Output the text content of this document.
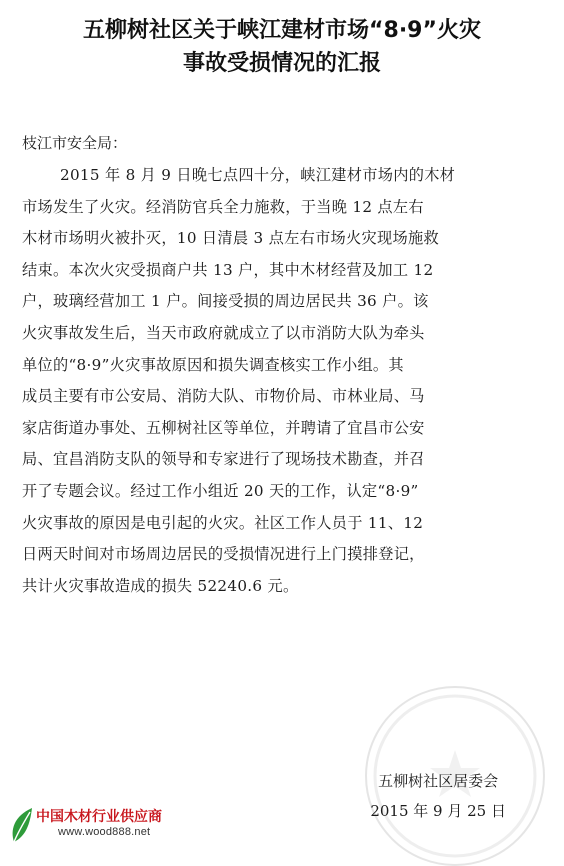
五柳树社区关于峡江建材市场“8·9”火灾
事故受损情况的汇报
枝江市安全局：
2015 年 8 月 9 日晚七点四十分，峡江建材市场内的木材
市场发生了火灾。经消防官兵全力施救，于当晚 12 点左右
木材市场明火被扑灭，10 日清晨 3 点左右市场火灾现场施救
结束。本次火灾受损商户共 13 户，其中木材经营及加工 12
户，玻璃经营加工 1 户。间接受损的周边居民共 36 户。该
火灾事故发生后，当天市政府就成立了以市消防大队为牵头
单位的“8·9”火灾事故原因和损失调查核实工作小组。其
成员主要有市公安局、消防大队、市物价局、市林业局、马
家店街道办事处、五柳树社区等单位，并聘请了宜昌市公安
局、宜昌消防支队的领导和专家进行了现场技术勘查，并召
开了专题会议。经过工作小组近 20 天的工作，认定“8·9”
火灾事故的原因是电引起的火灾。社区工作人员于 11、12
日两天时间对市场周边居民的受损情况进行上门摸排登记，
共计火灾事故造成的损失 52240.6 元。
五柳树社区居委会
2015 年 9 月 25 日
中国木材行业供应商
www.wood888.net
